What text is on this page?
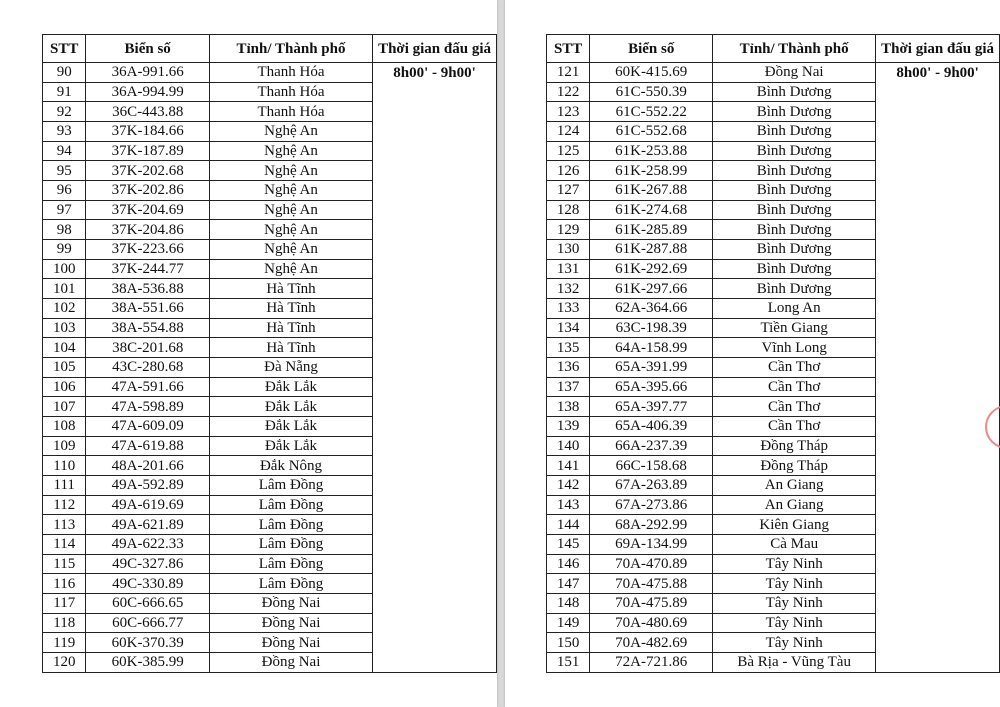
STT	Biển số	Tỉnh/ Thành phố	Thời gian đấu giá
90	36A-991.66	Thanh Hóa	8h00' - 9h00'
91	36A-994.99	Thanh Hóa	
92	36C-443.88	Thanh Hóa	
93	37K-184.66	Nghệ An	
94	37K-187.89	Nghệ An	
95	37K-202.68	Nghệ An	
96	37K-202.86	Nghệ An	
97	37K-204.69	Nghệ An	
98	37K-204.86	Nghệ An	
99	37K-223.66	Nghệ An	
100	37K-244.77	Nghệ An	
101	38A-536.88	Hà Tĩnh	
102	38A-551.66	Hà Tĩnh	
103	38A-554.88	Hà Tĩnh	
104	38C-201.68	Hà Tĩnh	
105	43C-280.68	Đà Nẵng	
106	47A-591.66	Đắk Lắk	
107	47A-598.89	Đắk Lắk	
108	47A-609.09	Đắk Lắk	
109	47A-619.88	Đắk Lắk	
110	48A-201.66	Đắk Nông	
111	49A-592.89	Lâm Đồng	
112	49A-619.69	Lâm Đồng	
113	49A-621.89	Lâm Đồng	
114	49A-622.33	Lâm Đồng	
115	49C-327.86	Lâm Đồng	
116	49C-330.89	Lâm Đồng	
117	60C-666.65	Đồng Nai	
118	60C-666.77	Đồng Nai	
119	60K-370.39	Đồng Nai	
120	60K-385.99	Đồng Nai	
STT	Biển số	Tỉnh/ Thành phố	Thời gian đấu giá
121	60K-415.69	Đồng Nai	8h00' - 9h00'
122	61C-550.39	Bình Dương	
123	61C-552.22	Bình Dương	
124	61C-552.68	Bình Dương	
125	61K-253.88	Bình Dương	
126	61K-258.99	Bình Dương	
127	61K-267.88	Bình Dương	
128	61K-274.68	Bình Dương	
129	61K-285.89	Bình Dương	
130	61K-287.88	Bình Dương	
131	61K-292.69	Bình Dương	
132	61K-297.66	Bình Dương	
133	62A-364.66	Long An	
134	63C-198.39	Tiền Giang	
135	64A-158.99	Vĩnh Long	
136	65A-391.99	Cần Thơ	
137	65A-395.66	Cần Thơ	
138	65A-397.77	Cần Thơ	
139	65A-406.39	Cần Thơ	
140	66A-237.39	Đồng Tháp	
141	66C-158.68	Đồng Tháp	
142	67A-263.89	An Giang	
143	67A-273.86	An Giang	
144	68A-292.99	Kiên Giang	
145	69A-134.99	Cà Mau	
146	70A-470.89	Tây Ninh	
147	70A-475.88	Tây Ninh	
148	70A-475.89	Tây Ninh	
149	70A-480.69	Tây Ninh	
150	70A-482.69	Tây Ninh	
151	72A-721.86	Bà Rịa - Vũng Tàu	
